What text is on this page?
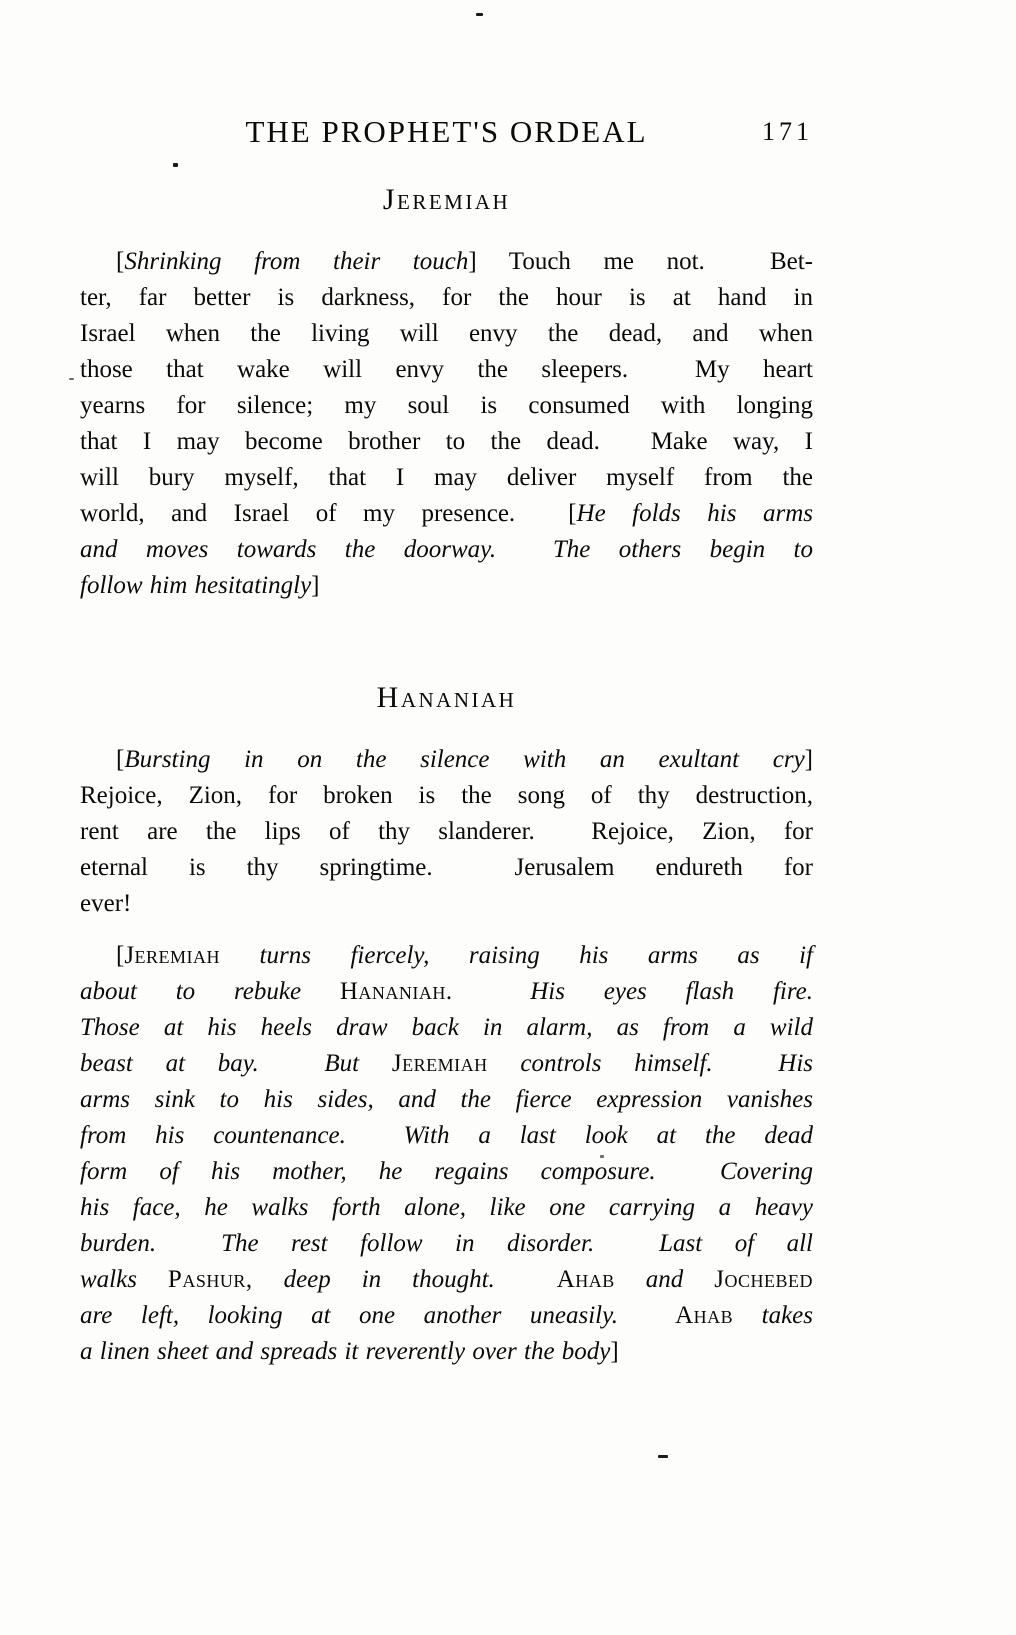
THE PROPHET'S ORDEAL	171
Jeremiah
[Shrinking from their touch] Touch me not.  Bet-
ter, far better is darkness, for the hour is at hand in
Israel when the living will envy the dead, and when
those that wake will envy the sleepers.  My heart
yearns for silence; my soul is consumed with longing
that I may become brother to the dead.  Make way, I
will bury myself, that I may deliver myself from the
world, and Israel of my presence.  [He folds his arms
and moves towards the doorway.  The others begin to
follow him hesitatingly]
Hananiah
[Bursting in on the silence with an exultant cry]
Rejoice, Zion, for broken is the song of thy destruction,
rent are the lips of thy slanderer.  Rejoice, Zion, for
eternal is thy springtime.  Jerusalem endureth for
ever!
[Jeremiah turns fiercely, raising his arms as if
about to rebuke Hananiah.  His eyes flash fire.
Those at his heels draw back in alarm, as from a wild
beast at bay.  But Jeremiah controls himself.  His
arms sink to his sides, and the fierce expression vanishes
from his countenance.  With a last look at the dead
form of his mother, he regains composure.  Covering
his face, he walks forth alone, like one carrying a heavy
burden.  The rest follow in disorder.  Last of all
walks Pashur, deep in thought.  Ahab and Jochebed
are left, looking at one another uneasily.  Ahab takes
a linen sheet and spreads it reverently over the body]
